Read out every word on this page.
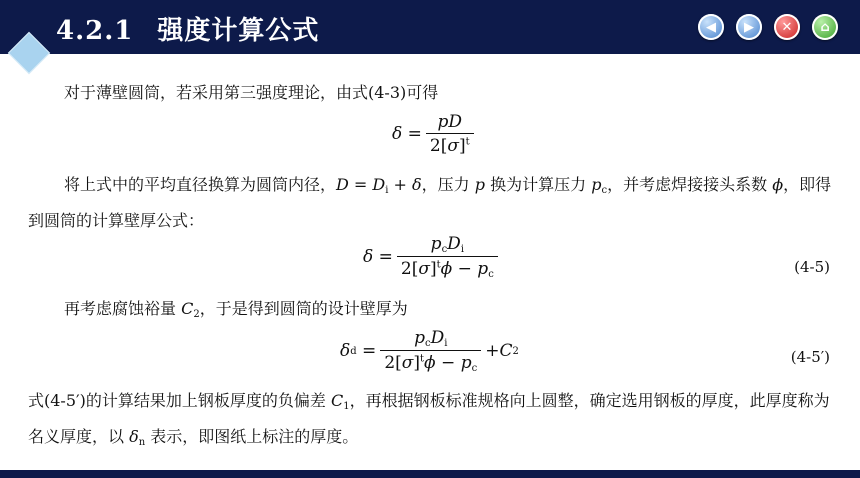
4.2.1 强度计算公式	◀	▶	✕	⌂
对于薄壁圆筒，若采用第三强度理论，由式(4-3)可得
$\delta = \frac{pD}{2[\sigma]^t}$
将上式中的平均直径换算为圆筒内径，$D = D_i + \delta$，压力 p 换为计算压力 $p_c$，并考虑焊接接头系数 ϕ，即得到圆筒的计算壁厚公式：
$\delta = \frac{p_cD_i}{2[\sigma]^t\phi - p_c}$	(4-5)
再考虑腐蚀裕量 $C_2$，于是得到圆筒的设计壁厚为
δ $d = \frac{p_cD_i}{2[\sigma]^t\phi - p_c} + C$ 2	(4-5′)
式(4-5′)的计算结果加上钢板厚度的负偏差 $C_1$，再根据钢板标准规格向上圆整，确定选用钢板的厚度，此厚度称为名义厚度，以 $\delta_n$ 表示，即图纸上标注的厚度。
